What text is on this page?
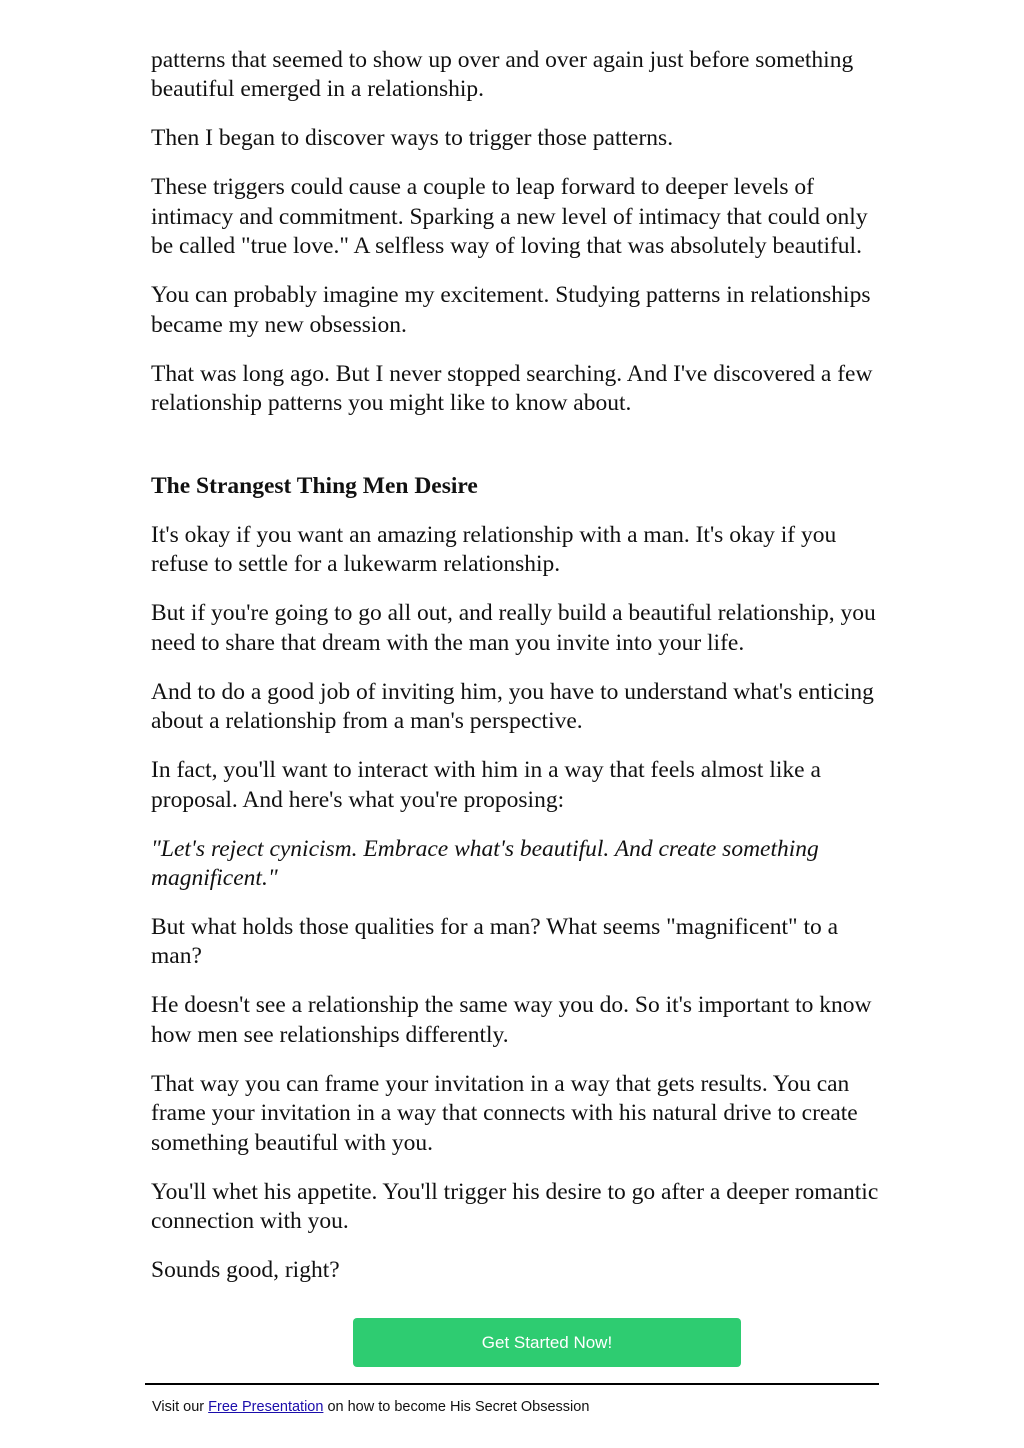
patterns that seemed to show up over and over again just before something beautiful emerged in a relationship.

Then I began to discover ways to trigger those patterns.

These triggers could cause a couple to leap forward to deeper levels of intimacy and commitment. Sparking a new level of intimacy that could only be called "true love." A selfless way of loving that was absolutely beautiful.

You can probably imagine my excitement. Studying patterns in relationships became my new obsession.

That was long ago. But I never stopped searching. And I've discovered a few relationship patterns you might like to know about.

The Strangest Thing Men Desire

It's okay if you want an amazing relationship with a man. It's okay if you refuse to settle for a lukewarm relationship.

But if you're going to go all out, and really build a beautiful relationship, you need to share that dream with the man you invite into your life.

And to do a good job of inviting him, you have to understand what's enticing about a relationship from a man's perspective.

In fact, you'll want to interact with him in a way that feels almost like a proposal. And here's what you're proposing:

"Let's reject cynicism. Embrace what's beautiful. And create something magnificent."

But what holds those qualities for a man? What seems "magnificent" to a man?

He doesn't see a relationship the same way you do. So it's important to know how men see relationships differently.

That way you can frame your invitation in a way that gets results. You can frame your invitation in a way that connects with his natural drive to create something beautiful with you.

You'll whet his appetite. You'll trigger his desire to go after a deeper romantic connection with you.

Sounds good, right?

Get Started Now!
Visit our Free Presentation on how to become His Secret Obsession
